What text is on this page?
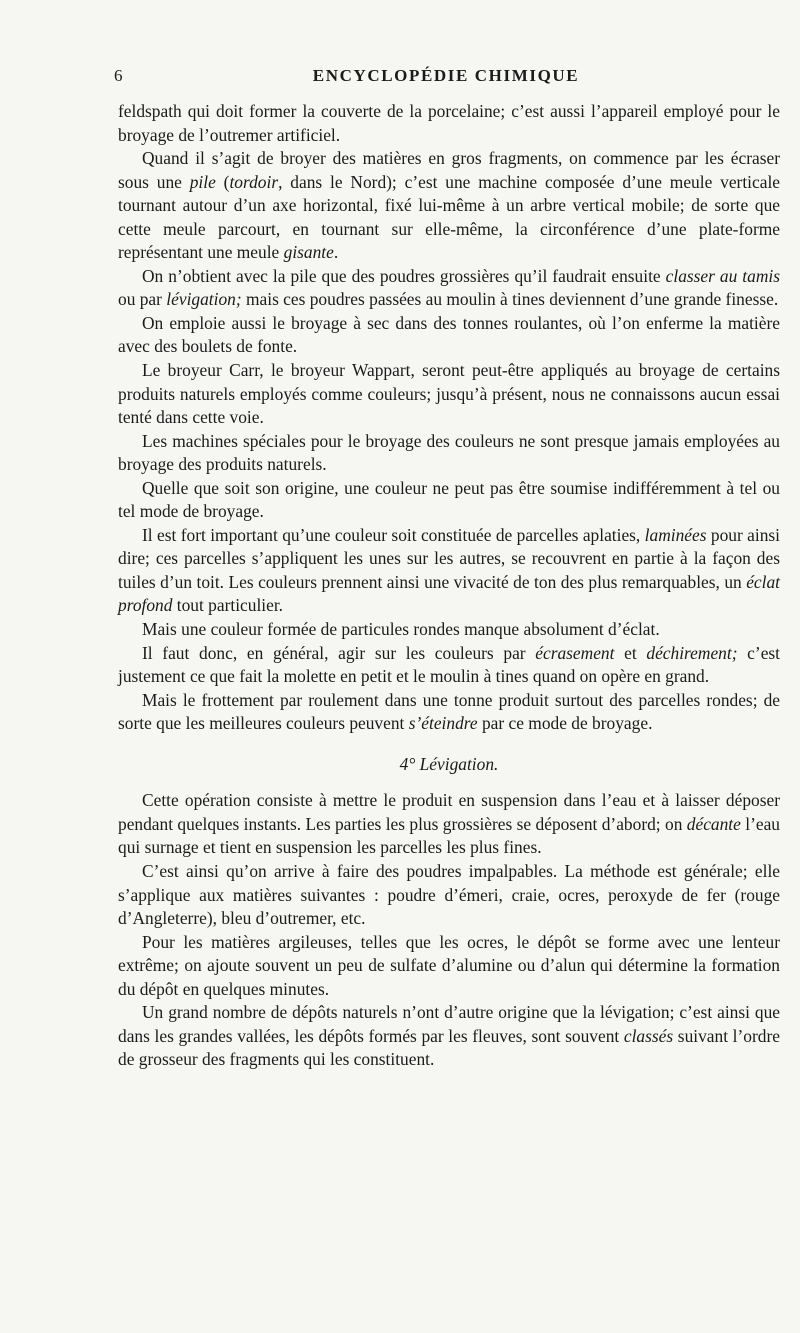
6	ENCYCLOPÉDIE CHIMIQUE

feldspath qui doit former la couverte de la porcelaine; c’est aussi l’appareil employé pour le broyage de l’outremer artificiel.

Quand il s’agit de broyer des matières en gros fragments, on commence par les écraser sous une pile (tordoir, dans le Nord); c’est une machine composée d’une meule verticale tournant autour d’un axe horizontal, fixé lui-même à un arbre vertical mobile; de sorte que cette meule parcourt, en tournant sur elle-même, la circonférence d’une plate-forme représentant une meule gisante.

On n’obtient avec la pile que des poudres grossières qu’il faudrait ensuite classer au tamis ou par lévigation; mais ces poudres passées au moulin à tines deviennent d’une grande finesse.

On emploie aussi le broyage à sec dans des tonnes roulantes, où l’on enferme la matière avec des boulets de fonte.

Le broyeur Carr, le broyeur Wappart, seront peut-être appliqués au broyage de certains produits naturels employés comme couleurs; jusqu’à présent, nous ne connaissons aucun essai tenté dans cette voie.

Les machines spéciales pour le broyage des couleurs ne sont presque jamais employées au broyage des produits naturels.

Quelle que soit son origine, une couleur ne peut pas être soumise indifféremment à tel ou tel mode de broyage.

Il est fort important qu’une couleur soit constituée de parcelles aplaties, laminées pour ainsi dire; ces parcelles s’appliquent les unes sur les autres, se recouvrent en partie à la façon des tuiles d’un toit. Les couleurs prennent ainsi une vivacité de ton des plus remarquables, un éclat profond tout particulier.

Mais une couleur formée de particules rondes manque absolument d’éclat.

Il faut donc, en général, agir sur les couleurs par écrasement et déchirement; c’est justement ce que fait la molette en petit et le moulin à tines quand on opère en grand.

Mais le frottement par roulement dans une tonne produit surtout des parcelles rondes; de sorte que les meilleures couleurs peuvent s’éteindre par ce mode de broyage.

4° Lévigation.

Cette opération consiste à mettre le produit en suspension dans l’eau et à laisser déposer pendant quelques instants. Les parties les plus grossières se déposent d’abord; on décante l’eau qui surnage et tient en suspension les parcelles les plus fines.

C’est ainsi qu’on arrive à faire des poudres impalpables. La méthode est générale; elle s’applique aux matières suivantes : poudre d’émeri, craie, ocres, peroxyde de fer (rouge d’Angleterre), bleu d’outremer, etc.

Pour les matières argileuses, telles que les ocres, le dépôt se forme avec une lenteur extrême; on ajoute souvent un peu de sulfate d’alumine ou d’alun qui détermine la formation du dépôt en quelques minutes.

Un grand nombre de dépôts naturels n’ont d’autre origine que la lévigation; c’est ainsi que dans les grandes vallées, les dépôts formés par les fleuves, sont souvent classés suivant l’ordre de grosseur des fragments qui les constituent.
